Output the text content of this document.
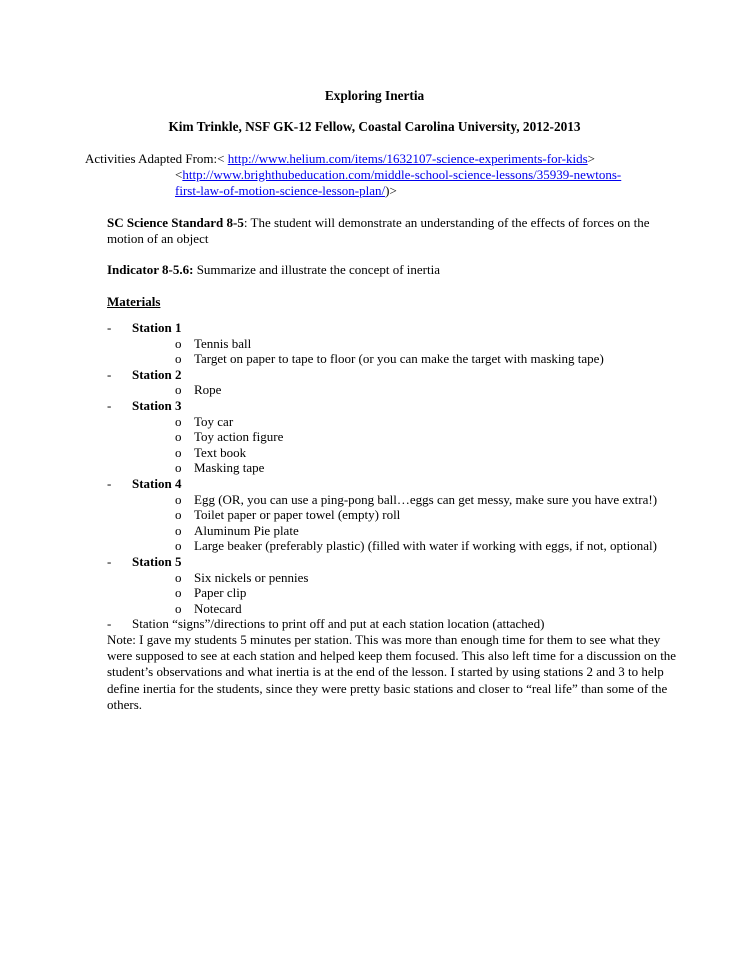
Exploring Inertia
Kim Trinkle, NSF GK-12 Fellow, Coastal Carolina University, 2012-2013
Activities Adapted From:< http://www.helium.com/items/1632107-science-experiments-for-kids>
<http://www.brighthubeducation.com/middle-school-science-lessons/35939-newtons-
first-law-of-motion-science-lesson-plan/)>
SC Science Standard 8-5: The student will demonstrate an understanding of the effects of forces on the motion of an object
Indicator 8-5.6: Summarize and illustrate the concept of inertia
Materials
- Station 1
o Tennis ball
o Target on paper to tape to floor (or you can make the target with masking tape)
- Station 2
o Rope
- Station 3
o Toy car
o Toy action figure
o Text book
o Masking tape
- Station 4
o Egg (OR, you can use a ping-pong ball…eggs can get messy, make sure you have extra!)
o Toilet paper or paper towel (empty) roll
o Aluminum Pie plate
o Large beaker (preferably plastic) (filled with water if working with eggs, if not, optional)
- Station 5
o Six nickels or pennies
o Paper clip
o Notecard
- Station “signs”/directions to print off and put at each station location (attached)
Note: I gave my students 5 minutes per station. This was more than enough time for them to see what they were supposed to see at each station and helped keep them focused. This also left time for a discussion on the student’s observations and what inertia is at the end of the lesson. I started by using stations 2 and 3 to help define inertia for the students, since they were pretty basic stations and closer to “real life” than some of the others.
